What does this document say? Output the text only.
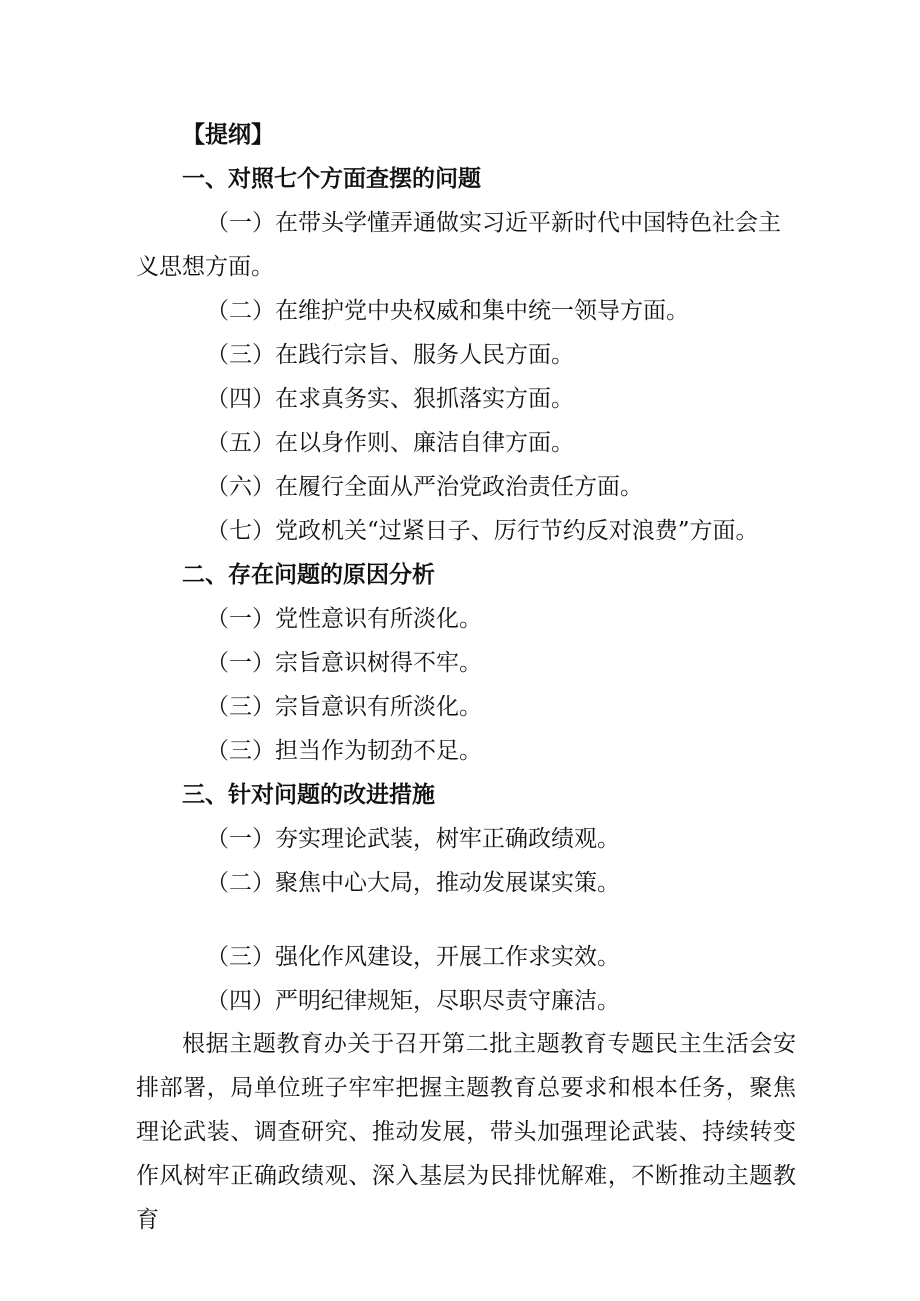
【提纲】
一、对照七个方面查摆的问题
（一）在带头学懂弄通做实习近平新时代中国特色社会主
义思想方面。
（二）在维护党中央权威和集中统一领导方面。
（三）在践行宗旨、服务人民方面。
（四）在求真务实、狠抓落实方面。
（五）在以身作则、廉洁自律方面。
（六）在履行全面从严治党政治责任方面。
（七）党政机关“过紧日子、厉行节约反对浪费”方面。
二、存在问题的原因分析
（一）党性意识有所淡化。
（一）宗旨意识树得不牢。
（三）宗旨意识有所淡化。
（三）担当作为韧劲不足。
三、针对问题的改进措施
（一）夯实理论武装，树牢正确政绩观。
（二）聚焦中心大局，推动发展谋实策。
（三）强化作风建设，开展工作求实效。
（四）严明纪律规矩，尽职尽责守廉洁。
根据主题教育办关于召开第二批主题教育专题民主生活会安排部署，局单位班子牢牢把握主题教育总要求和根本任务，聚焦理论武装、调查研究、推动发展，带头加强理论武装、持续转变作风树牢正确政绩观、深入基层为民排忧解难，不断推动主题教育
